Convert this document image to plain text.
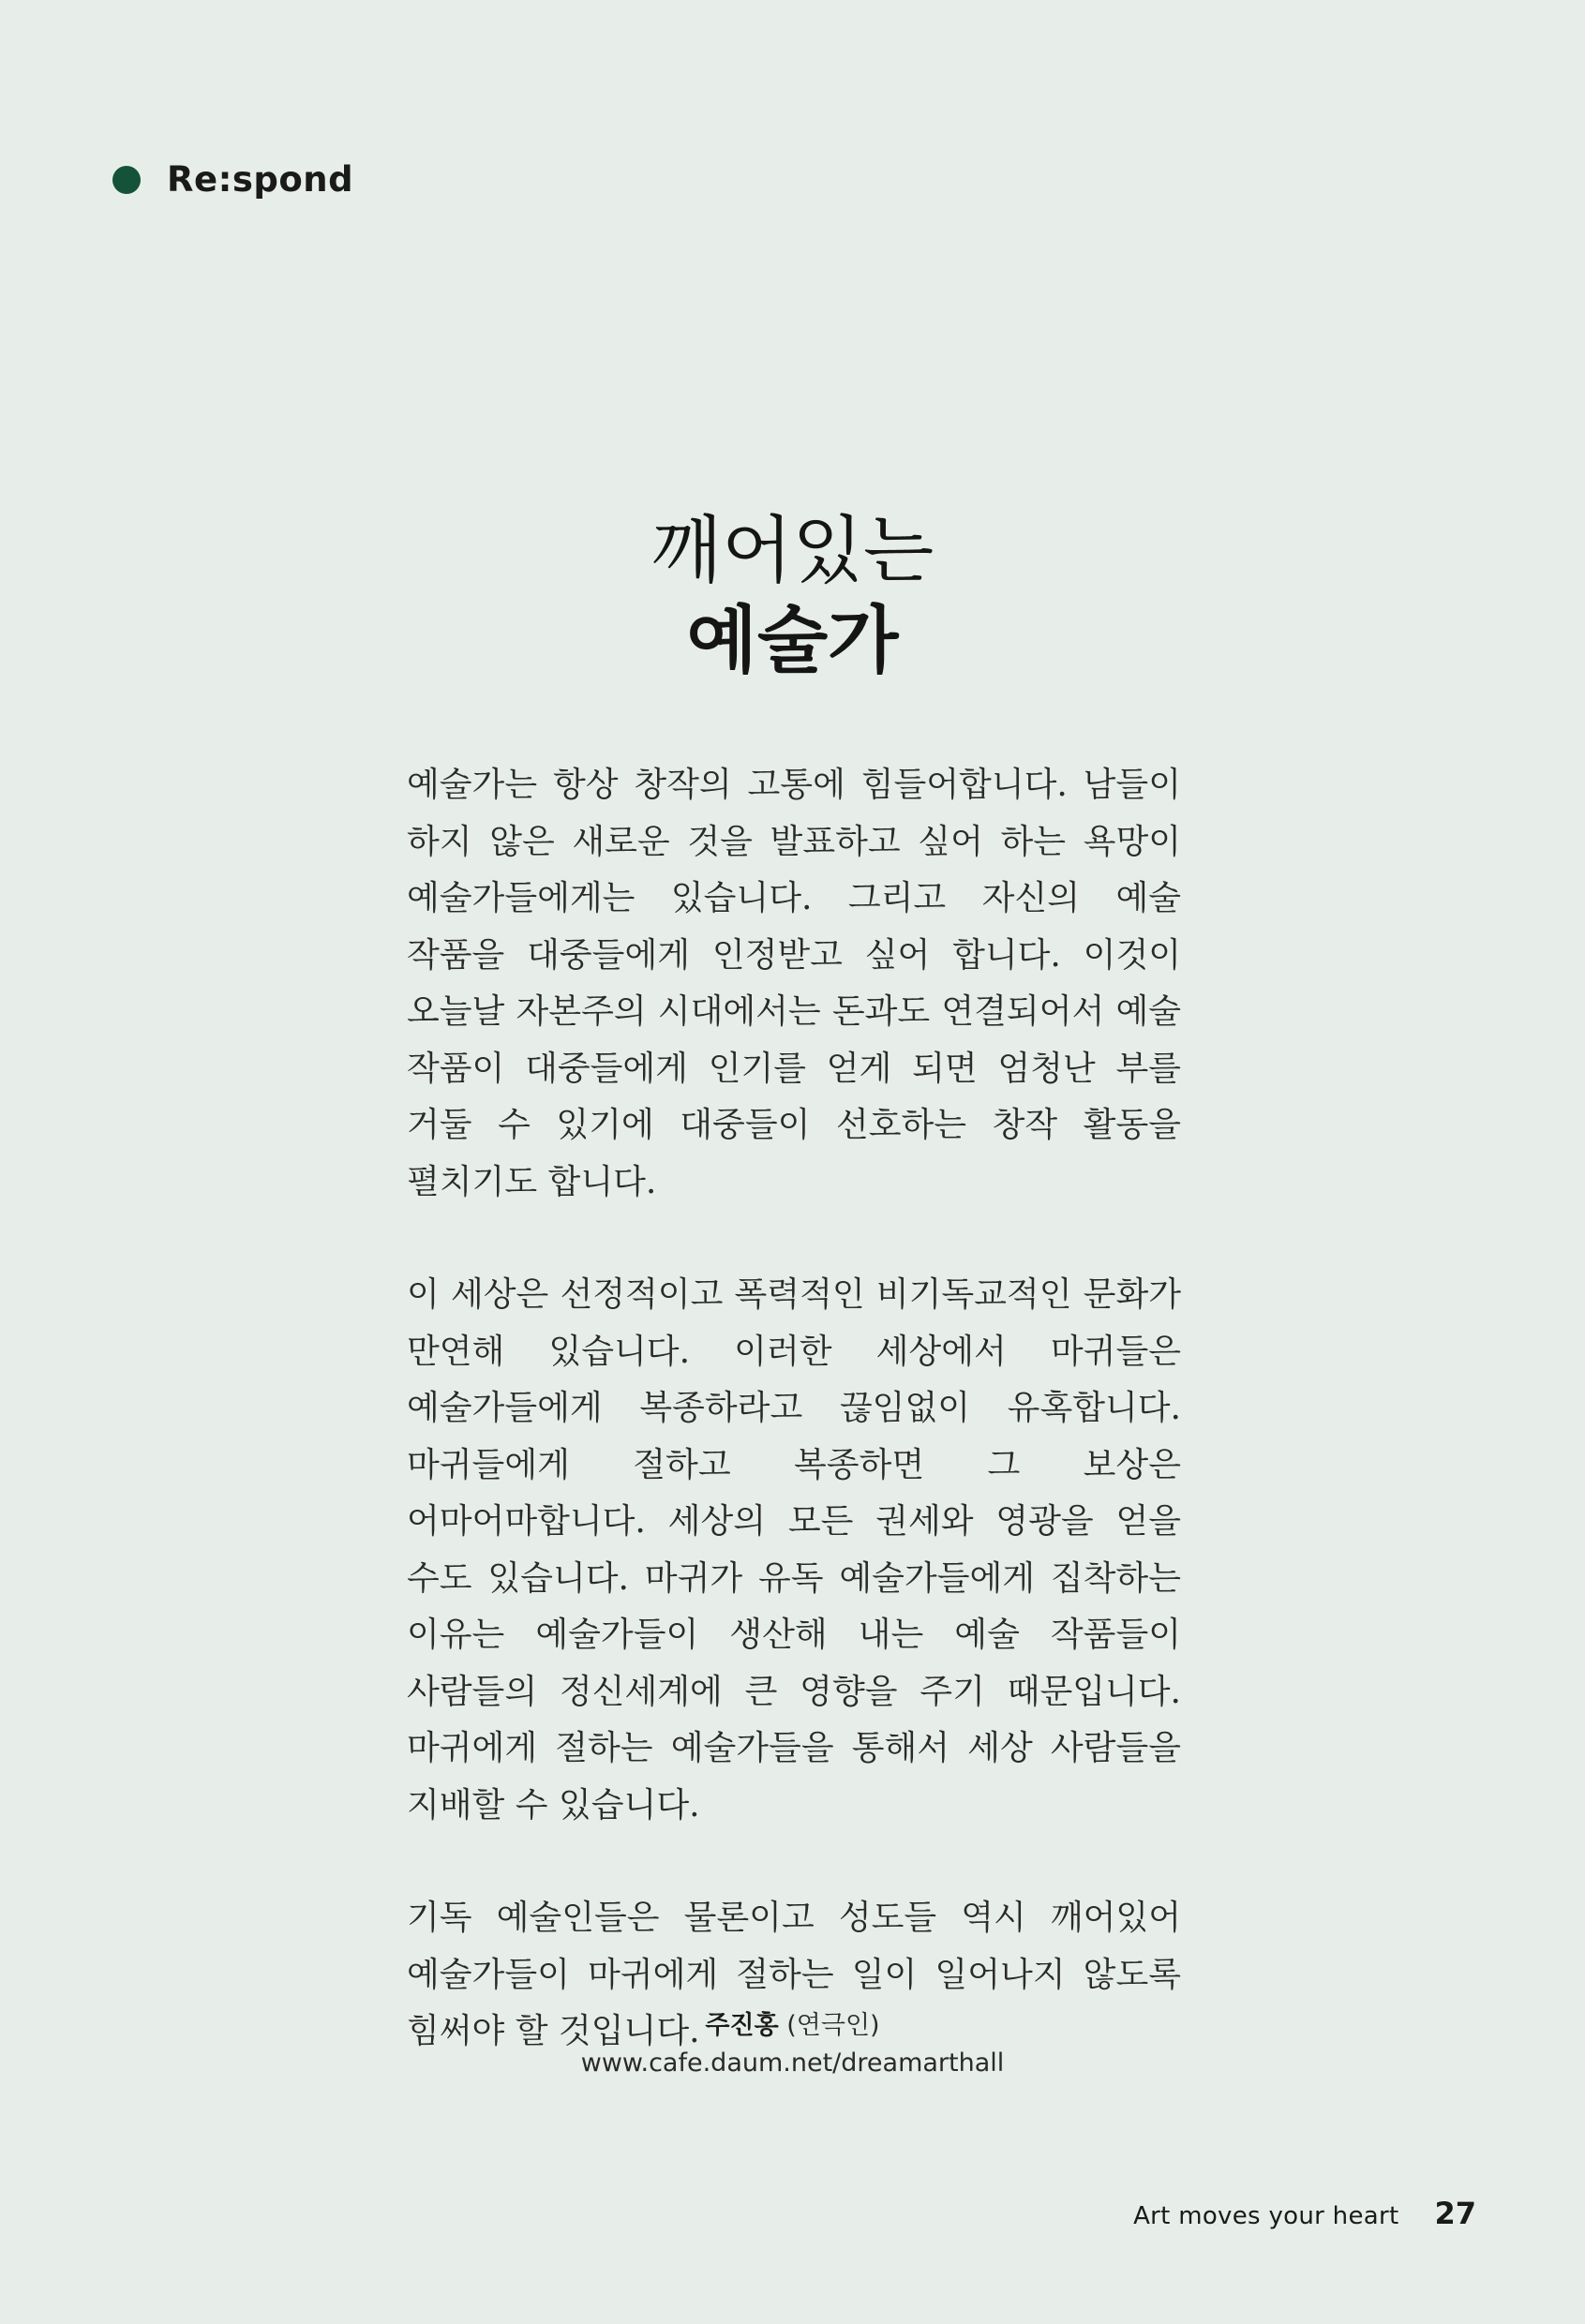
Re:spond
깨어있는
예술가

예술가는 항상 창작의 고통에 힘들어합니다. 남들이 하지 않은 새로운 것을 발표하고 싶어 하는 욕망이 예술가들에게는 있습니다. 그리고 자신의 예술 작품을 대중들에게 인정받고 싶어 합니다. 이것이 오늘날 자본주의 시대에서는 돈과도 연결되어서 예술 작품이 대중들에게 인기를 얻게 되면 엄청난 부를 거둘 수 있기에 대중들이 선호하는 창작 활동을 펼치기도 합니다.

이 세상은 선정적이고 폭력적인 비기독교적인 문화가 만연해 있습니다. 이러한 세상에서 마귀들은 예술가들에게 복종하라고 끊임없이 유혹합니다. 마귀들에게 절하고 복종하면 그 보상은 어마어마합니다. 세상의 모든 권세와 영광을 얻을 수도 있습니다. 마귀가 유독 예술가들에게 집착하는 이유는 예술가들이 생산해 내는 예술 작품들이 사람들의 정신세계에 큰 영향을 주기 때문입니다. 마귀에게 절하는 예술가들을 통해서 세상 사람들을 지배할 수 있습니다.

기독 예술인들은 물론이고 성도들 역시 깨어있어 예술가들이 마귀에게 절하는 일이 일어나지 않도록 힘써야 할 것입니다. 주진홍 (연극인)
www.cafe.daum.net/dreamarthall
Art moves your heart 27
